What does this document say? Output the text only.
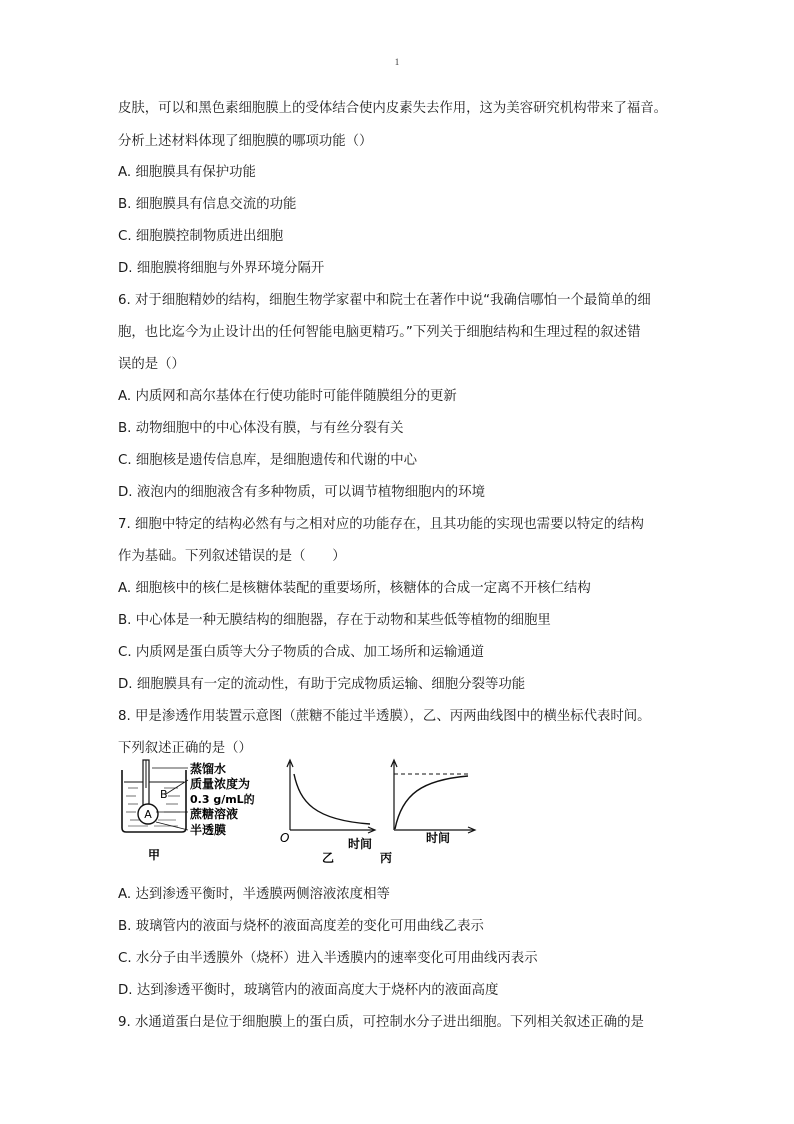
1
皮肤，可以和黑色素细胞膜上的受体结合使内皮素失去作用，这为美容研究机构带来了福音。
分析上述材料体现了细胞膜的哪项功能（）
A. 细胞膜具有保护功能
B. 细胞膜具有信息交流的功能
C. 细胞膜控制物质进出细胞
D. 细胞膜将细胞与外界环境分隔开
6. 对于细胞精妙的结构，细胞生物学家翟中和院士在著作中说“我确信哪怕一个最简单的细
胞，也比迄今为止设计出的任何智能电脑更精巧。”下列关于细胞结构和生理过程的叙述错
误的是（）
A. 内质网和高尔基体在行使功能时可能伴随膜组分的更新
B. 动物细胞中的中心体没有膜，与有丝分裂有关
C. 细胞核是遗传信息库，是细胞遗传和代谢的中心
D. 液泡内的细胞液含有多种物质，可以调节植物细胞内的环境
7. 细胞中特定的结构必然有与之相对应的功能存在，且其功能的实现也需要以特定的结构
作为基础。下列叙述错误的是（　　）
A. 细胞核中的核仁是核糖体装配的重要场所，核糖体的合成一定离不开核仁结构
B. 中心体是一种无膜结构的细胞器，存在于动物和某些低等植物的细胞里
C. 内质网是蛋白质等大分子物质的合成、加工场所和运输通道
D. 细胞膜具有一定的流动性，有助于完成物质运输、细胞分裂等功能
8. 甲是渗透作用装置示意图（蔗糖不能过半透膜），乙、丙两曲线图中的横坐标代表时间。
下列叙述正确的是（）
A. 达到渗透平衡时，半透膜两侧溶液浓度相等
B. 玻璃管内的液面与烧杯的液面高度差的变化可用曲线乙表示
C. 水分子由半透膜外（烧杯）进入半透膜内的速率变化可用曲线丙表示
D. 达到渗透平衡时，玻璃管内的液面高度大于烧杯内的液面高度
9. 水通道蛋白是位于细胞膜上的蛋白质，可控制水分子进出细胞。下列相关叙述正确的是
A
B
蒸馏水
质量浓度为
0.3 g/mL的
蔗糖溶液
半透膜
甲
O	时间
乙
时间
丙
